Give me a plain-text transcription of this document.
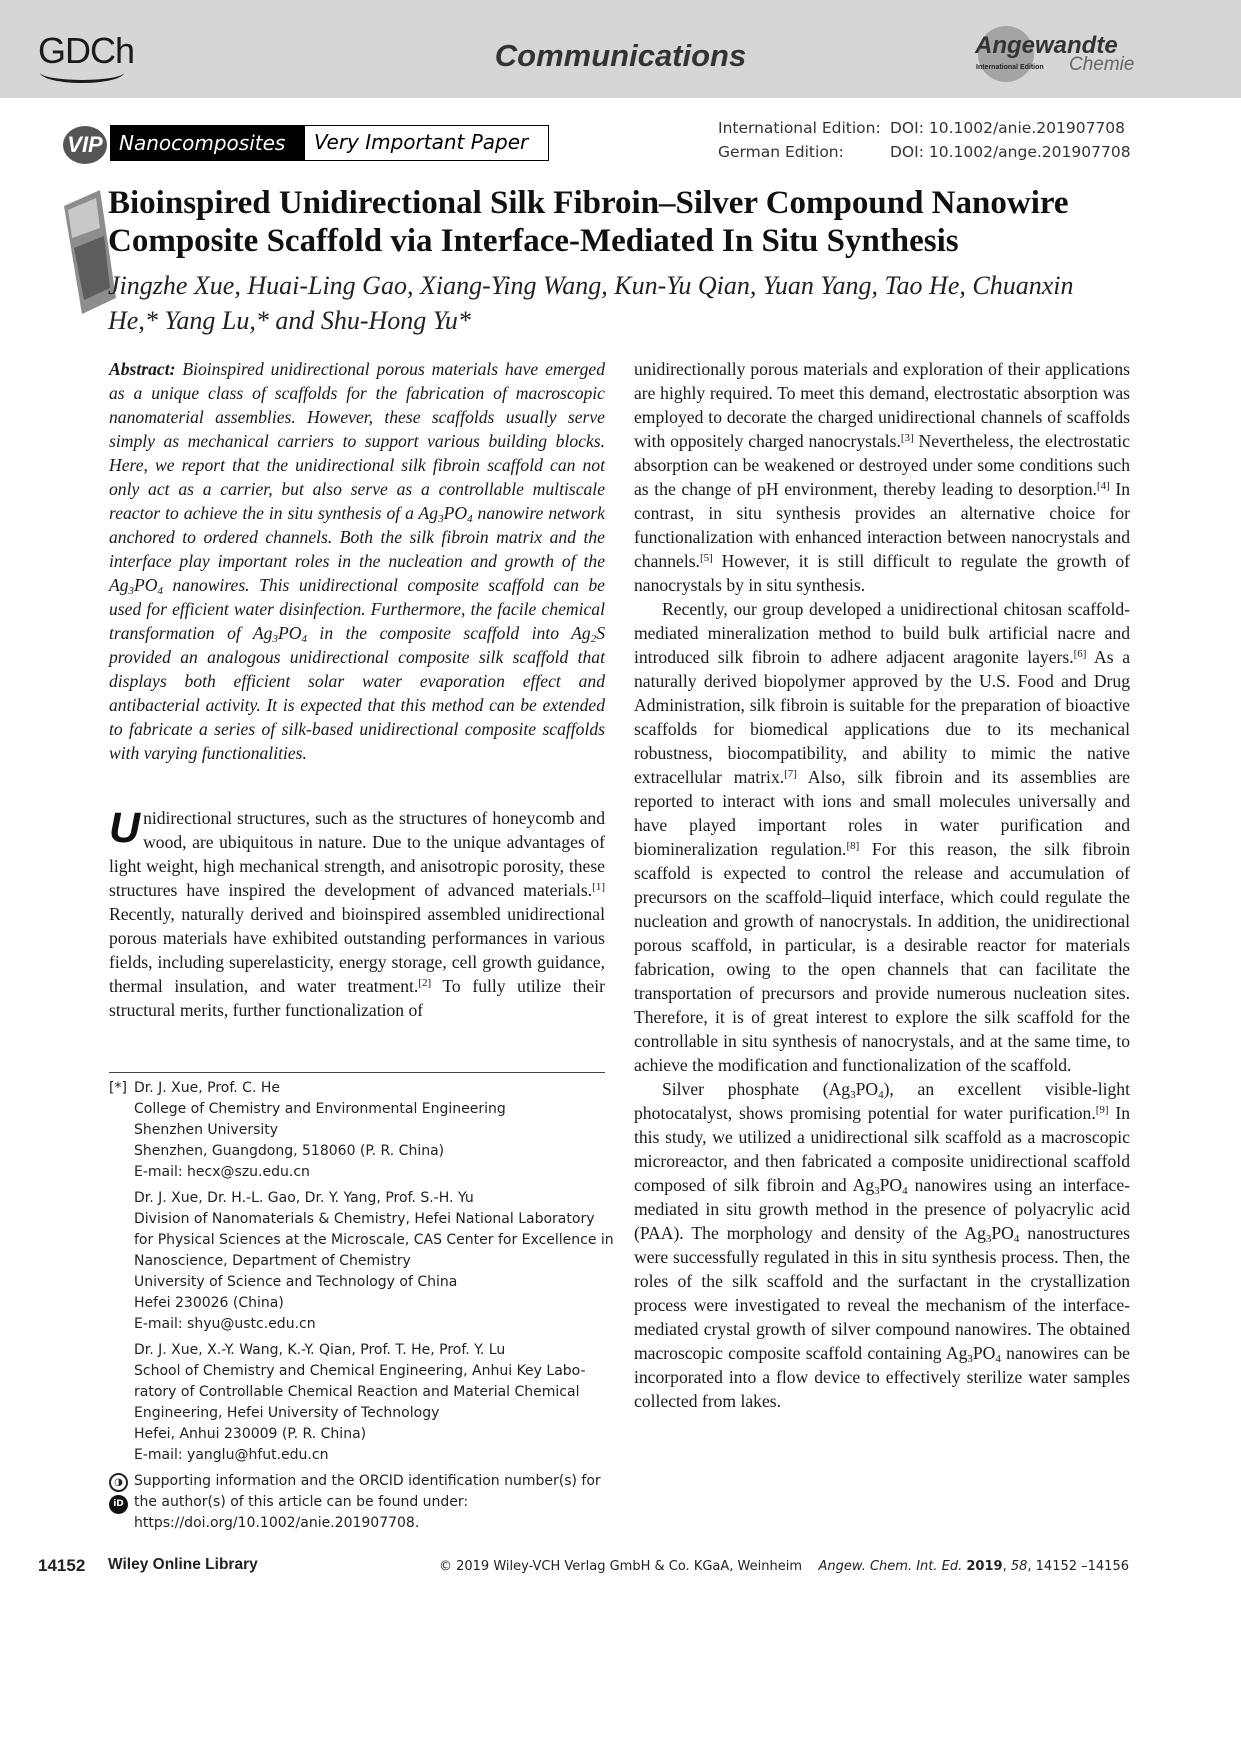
GDCh	Communications	Angewandte
International Edition Chemie
VIP Nanocomposites	Very Important Paper
International Edition: DOI: 10.1002/anie.201907708
German Edition:	DOI: 10.1002/ange.201907708
Bioinspired Unidirectional Silk Fibroin–Silver Compound Nanowire Composite Scaffold via Interface-Mediated In Situ Synthesis
Jingzhe Xue, Huai-Ling Gao, Xiang-Ying Wang, Kun-Yu Qian, Yuan Yang, Tao He, Chuanxin He,* Yang Lu,* and Shu-Hong Yu*

Abstract: Bioinspired unidirectional porous materials have emerged as a unique class of scaffolds for the fabrication of macroscopic nanomaterial assemblies. However, these scaffolds usually serve simply as mechanical carriers to support various building blocks. Here, we report that the unidirectional silk fibroin scaffold can not only act as a carrier, but also serve as a controllable multiscale reactor to achieve the in situ synthesis of a $Ag_3PO_4$ nanowire network anchored to ordered channels. Both the silk fibroin matrix and the interface play important roles in the nucleation and growth of the $Ag_3PO_4$ nanowires. This unidirectional composite scaffold can be used for efficient water disinfection. Furthermore, the facile chemical transformation of $Ag_3PO_4$ in the composite scaffold into $Ag_2S$ provided an analogous unidirectional composite silk scaffold that displays both efficient solar water evaporation effect and antibacterial activity. It is expected that this method can be extended to fabricate a series of silk-based unidirectional composite scaffolds with varying functionalities.

Unidirectional structures, such as the structures of honeycomb and wood, are ubiquitous in nature. Due to the unique advantages of light weight, high mechanical strength, and anisotropic porosity, these structures have inspired the development of advanced materials.[1] Recently, naturally derived and bioinspired assembled unidirectional porous materials have exhibited outstanding performances in various fields, including superelasticity, energy storage, cell growth guidance, thermal insulation, and water treatment.[2] To fully utilize their structural merits, further functionalization of

unidirectionally porous materials and exploration of their applications are highly required. To meet this demand, electrostatic absorption was employed to decorate the charged unidirectional channels of scaffolds with oppositely charged nanocrystals.[3] Nevertheless, the electrostatic absorption can be weakened or destroyed under some conditions such as the change of pH environment, thereby leading to desorption.[4] In contrast, in situ synthesis provides an alternative choice for functionalization with enhanced interaction between nanocrystals and channels.[5] However, it is still difficult to regulate the growth of nanocrystals by in situ synthesis.

Recently, our group developed a unidirectional chitosan scaffold-mediated mineralization method to build bulk artificial nacre and introduced silk fibroin to adhere adjacent aragonite layers.[6] As a naturally derived biopolymer approved by the U.S. Food and Drug Administration, silk fibroin is suitable for the preparation of bioactive scaffolds for biomedical applications due to its mechanical robustness, biocompatibility, and ability to mimic the native extracellular matrix.[7] Also, silk fibroin and its assemblies are reported to interact with ions and small molecules universally and have played important roles in water purification and biomineralization regulation.[8] For this reason, the silk fibroin scaffold is expected to control the release and accumulation of precursors on the scaffold–liquid interface, which could regulate the nucleation and growth of nanocrystals. In addition, the unidirectional porous scaffold, in particular, is a desirable reactor for materials fabrication, owing to the open channels that can facilitate the transportation of precursors and provide numerous nucleation sites. Therefore, it is of great interest to explore the silk scaffold for the controllable in situ synthesis of nanocrystals, and at the same time, to achieve the modification and functionalization of the scaffold.

Silver phosphate $(Ag_3PO_4)$, an excellent visible-light photocatalyst, shows promising potential for water purification.[9] In this study, we utilized a unidirectional silk scaffold as a macroscopic microreactor, and then fabricated a composite unidirectional scaffold composed of silk fibroin and $Ag_3PO_4$ nanowires using an interface-mediated in situ growth method in the presence of polyacrylic acid (PAA). The morphology and density of the $Ag_3PO_4$ nanostructures were successfully regulated in this in situ synthesis process. Then, the roles of the silk scaffold and the surfactant in the crystallization process were investigated to reveal the mechanism of the interface-mediated crystal growth of silver compound nanowires. The obtained macroscopic composite scaffold containing $Ag_3PO_4$ nanowires can be incorporated into a flow device to effectively sterilize water samples collected from lakes.

[*] Dr. J. Xue, Prof. C. He
College of Chemistry and Environmental Engineering
Shenzhen University
Shenzhen, Guangdong, 518060 (P. R. China)
E-mail: hecx@szu.edu.cn
Dr. J. Xue, Dr. H.-L. Gao, Dr. Y. Yang, Prof. S.-H. Yu
Division of Nanomaterials & Chemistry, Hefei National Laboratory
for Physical Sciences at the Microscale, CAS Center for Excellence in
Nanoscience, Department of Chemistry
University of Science and Technology of China
Hefei 230026 (China)
E-mail: shyu@ustc.edu.cn
Dr. J. Xue, X.-Y. Wang, K.-Y. Qian, Prof. T. He, Prof. Y. Lu
School of Chemistry and Chemical Engineering, Anhui Key Labo-
ratory of Controllable Chemical Reaction and Material Chemical
Engineering, Hefei University of Technology
Hefei, Anhui 230009 (P. R. China)
E-mail: yanglu@hfut.edu.cn
◑
iD
Supporting information and the ORCID identification number(s) for
the author(s) of this article can be found under:
https://doi.org/10.1002/anie.201907708.
14152 Wiley Online Library	© 2019 Wiley-VCH Verlag GmbH & Co. KGaA, Weinheim	Angew. Chem. Int. Ed. 2019, 58, 14152 –14156
